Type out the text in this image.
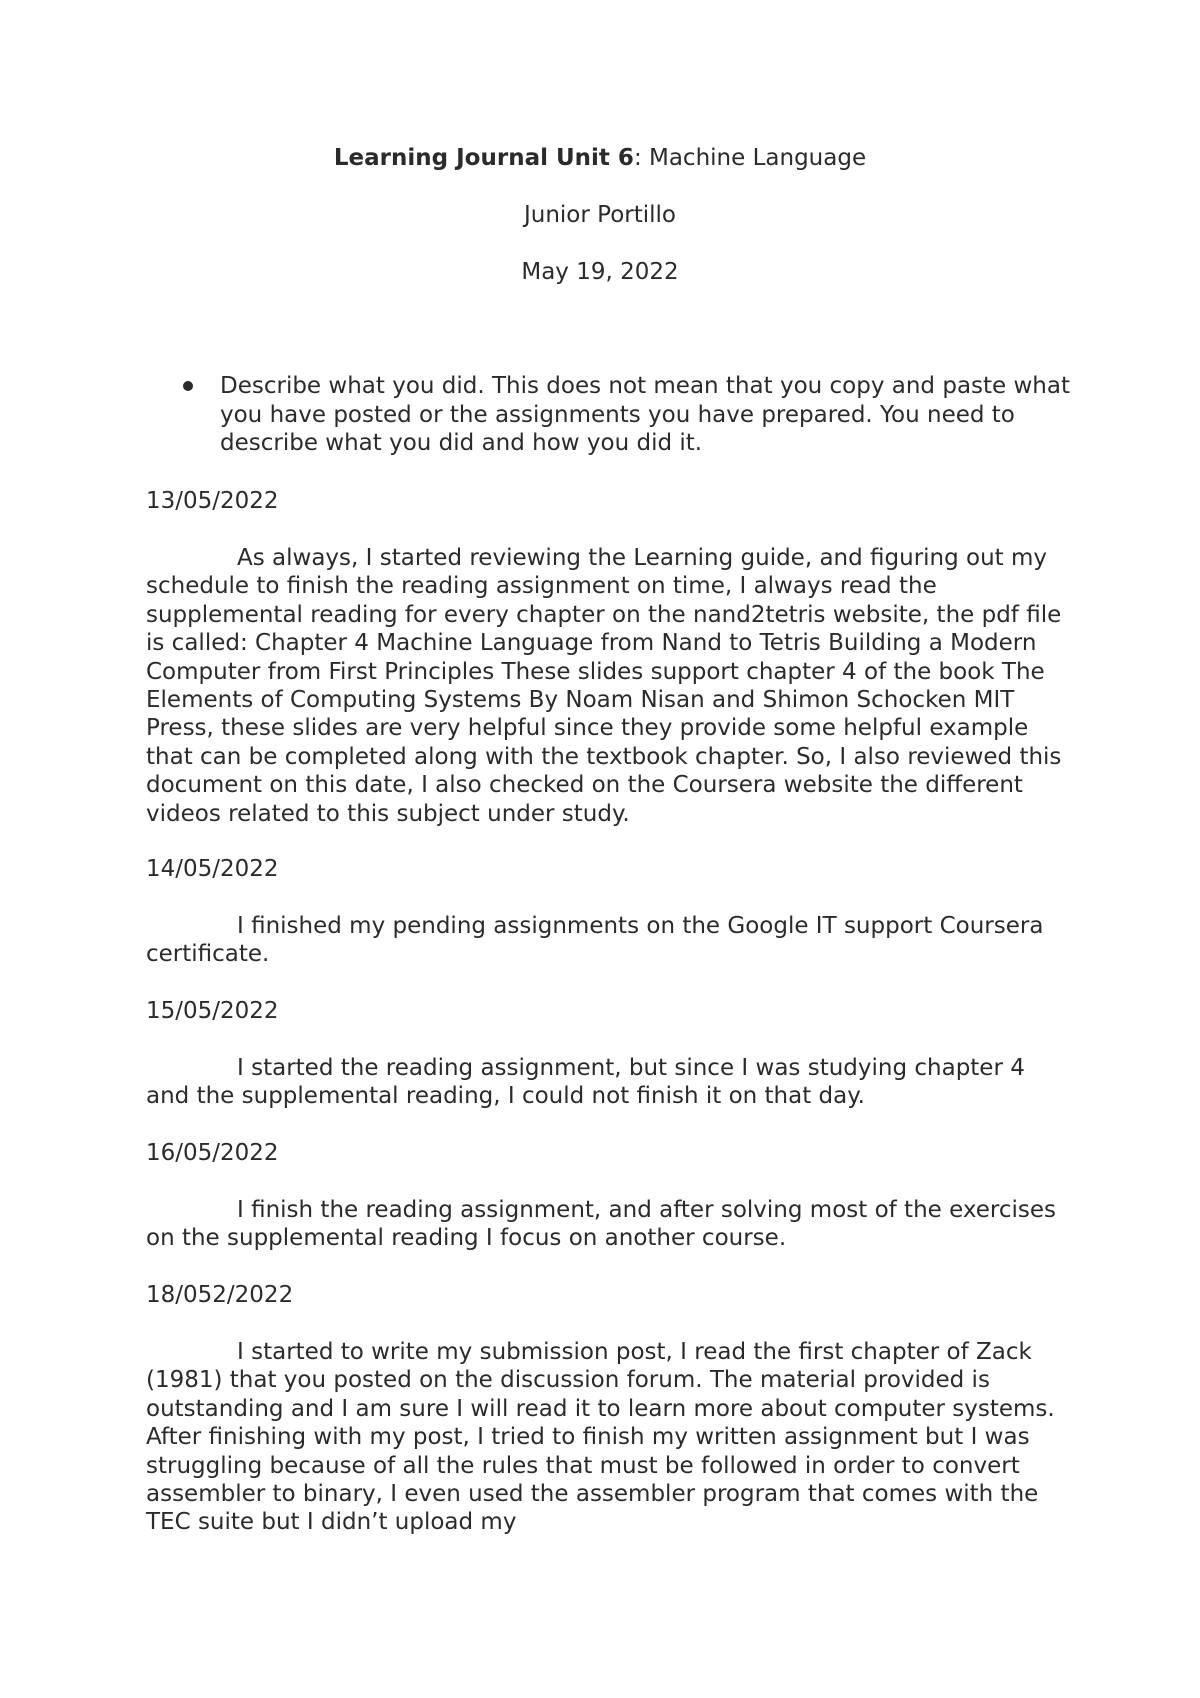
Learning Journal Unit 6: Machine Language
Junior Portillo
May 19, 2022
Describe what you did. This does not mean that you copy and paste what you have posted or the assignments you have prepared. You need to describe what you did and how you did it.
13/05/2022
As always, I started reviewing the Learning guide, and figuring out my schedule to finish the reading assignment on time, I always read the supplemental reading for every chapter on the nand2tetris website, the pdf file is called: Chapter 4 Machine Language from Nand to Tetris Building a Modern Computer from First Principles These slides support chapter 4 of the book The Elements of Computing Systems By Noam Nisan and Shimon Schocken MIT Press, these slides are very helpful since they provide some helpful example that can be completed along with the textbook chapter. So, I also reviewed this document on this date, I also checked on the Coursera website the different videos related to this subject under study.
14/05/2022
I finished my pending assignments on the Google IT support Coursera certificate.
15/05/2022
I started the reading assignment, but since I was studying chapter 4 and the supplemental reading, I could not finish it on that day.
16/05/2022
I finish the reading assignment, and after solving most of the exercises on the supplemental reading I focus on another course.
18/052/2022
I started to write my submission post, I read the first chapter of Zack (1981) that you posted on the discussion forum. The material provided is outstanding and I am sure I will read it to learn more about computer systems. After finishing with my post, I tried to finish my written assignment but I was struggling because of all the rules that must be followed in order to convert assembler to binary, I even used the assembler program that comes with the TEC suite but I didn’t upload my
